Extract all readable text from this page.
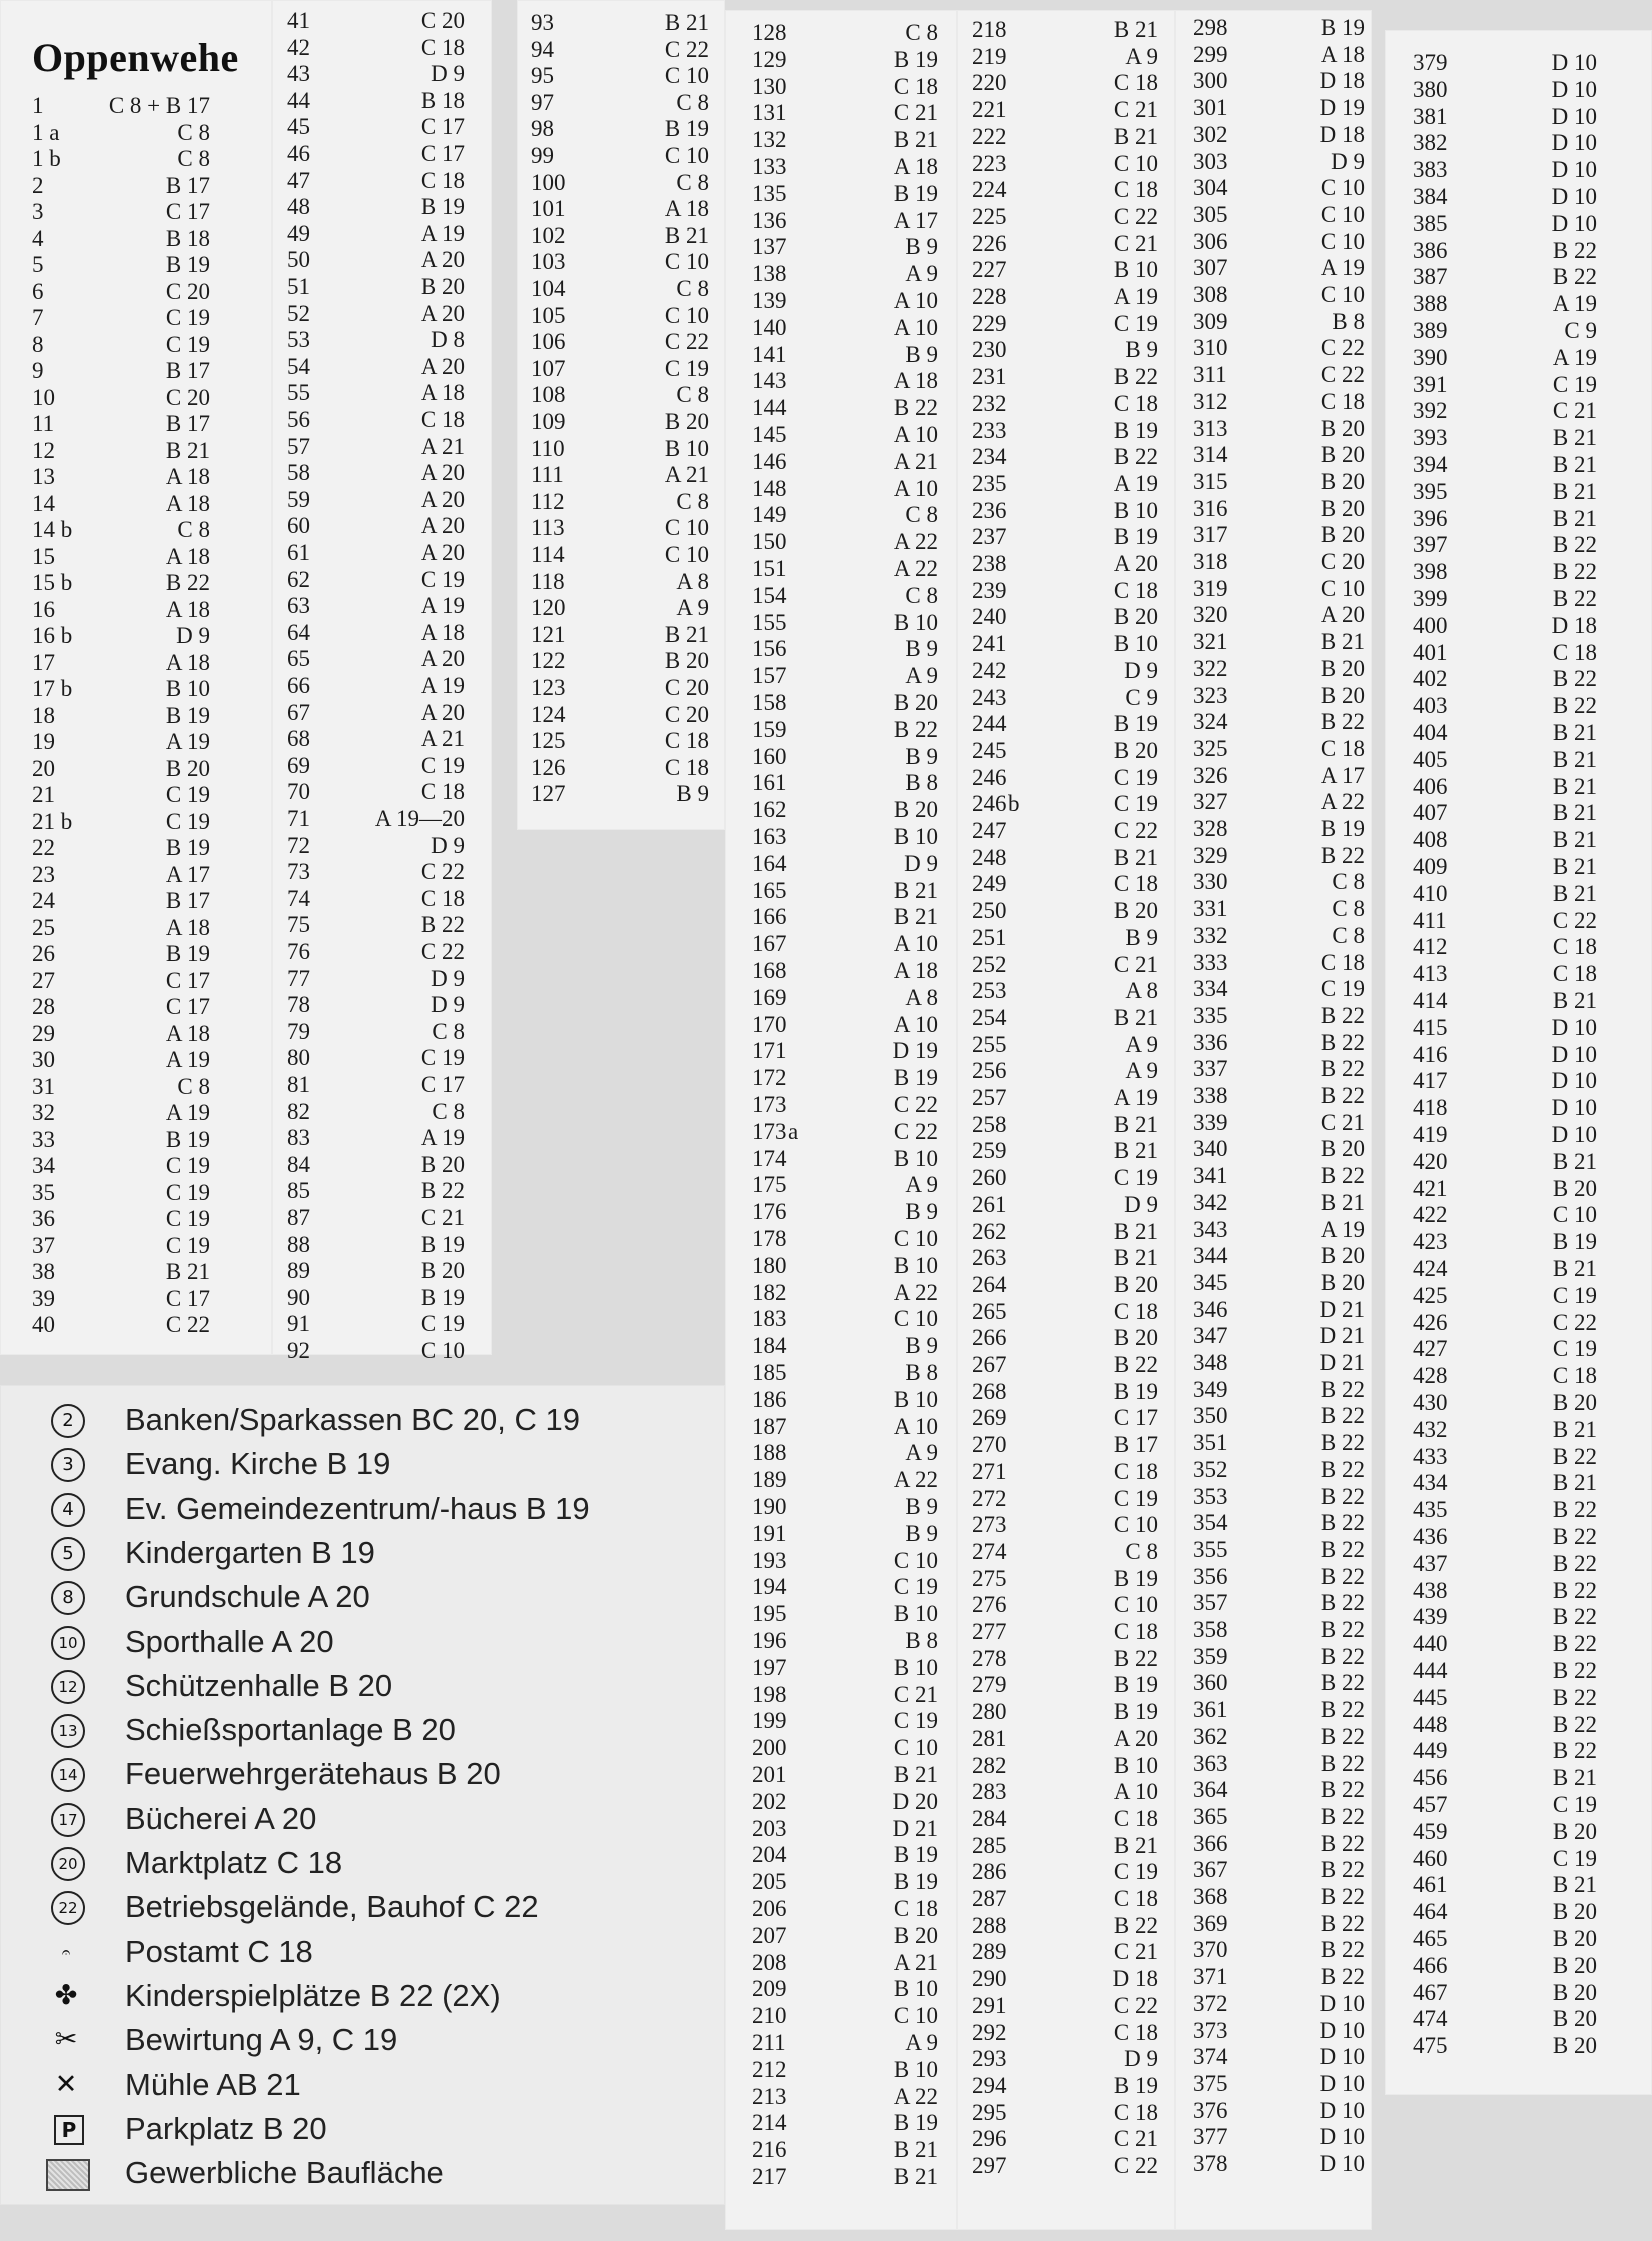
Oppenwehe
1	C 8 + B 17
1 a	C 8
1 b	C 8
2	B 17
3	C 17
4	B 18
5	B 19
6	C 20
7	C 19
8	C 19
9	B 17
10	C 20
11	B 17
12	B 21
13	A 18
14	A 18
14 b	C 8
15	A 18
15 b	B 22
16	A 18
16 b	D 9
17	A 18
17 b	B 10
18	B 19
19	A 19
20	B 20
21	C 19
21 b	C 19
22	B 19
23	A 17
24	B 17
25	A 18
26	B 19
27	C 17
28	C 17
29	A 18
30	A 19
31	C 8
32	A 19
33	B 19
34	C 19
35	C 19
36	C 19
37	C 19
38	B 21
39	C 17
40	C 22
41	C 20
42	C 18
43	D 9
44	B 18
45	C 17
46	C 17
47	C 18
48	B 19
49	A 19
50	A 20
51	B 20
52	A 20
53	D 8
54	A 20
55	A 18
56	C 18
57	A 21
58	A 20
59	A 20
60	A 20
61	A 20
62	C 19
63	A 19
64	A 18
65	A 20
66	A 19
67	A 20
68	A 21
69	C 19
70	C 18
71	A 19—20
72	D 9
73	C 22
74	C 18
75	B 22
76	C 22
77	D 9
78	D 9
79	C 8
80	C 19
81	C 17
82	C 8
83	A 19
84	B 20
85	B 22
87	C 21
88	B 19
89	B 20
90	B 19
91	C 19
92	C 10
93	B 21
94	C 22
95	C 10
97	C 8
98	B 19
99	C 10
100	C 8
101	A 18
102	B 21
103	C 10
104	C 8
105	C 10
106	C 22
107	C 19
108	C 8
109	B 20
110	B 10
111	A 21
112	C 8
113	C 10
114	C 10
118	A 8
120	A 9
121	B 21
122	B 20
123	C 20
124	C 20
125	C 18
126	C 18
127	B 9
128	C 8
129	B 19
130	C 18
131	C 21
132	B 21
133	A 18
135	B 19
136	A 17
137	B 9
138	A 9
139	A 10
140	A 10
141	B 9
143	A 18
144	B 22
145	A 10
146	A 21
148	A 10
149	C 8
150	A 22
151	A 22
154	C 8
155	B 10
156	B 9
157	A 9
158	B 20
159	B 22
160	B 9
161	B 8
162	B 20
163	B 10
164	D 9
165	B 21
166	B 21
167	A 10
168	A 18
169	A 8
170	A 10
171	D 19
172	B 19
173	C 22
173 a	C 22
174	B 10
175	A 9
176	B 9
178	C 10
180	B 10
182	A 22
183	C 10
184	B 9
185	B 8
186	B 10
187	A 10
188	A 9
189	A 22
190	B 9
191	B 9
193	C 10
194	C 19
195	B 10
196	B 8
197	B 10
198	C 21
199	C 19
200	C 10
201	B 21
202	D 20
203	D 21
204	B 19
205	B 19
206	C 18
207	B 20
208	A 21
209	B 10
210	C 10
211	A 9
212	B 10
213	A 22
214	B 19
216	B 21
217	B 21
218	B 21
219	A 9
220	C 18
221	C 21
222	B 21
223	C 10
224	C 18
225	C 22
226	C 21
227	B 10
228	A 19
229	C 19
230	B 9
231	B 22
232	C 18
233	B 19
234	B 22
235	A 19
236	B 10
237	B 19
238	A 20
239	C 18
240	B 20
241	B 10
242	D 9
243	C 9
244	B 19
245	B 20
246	C 19
246 b	C 19
247	C 22
248	B 21
249	C 18
250	B 20
251	B 9
252	C 21
253	A 8
254	B 21
255	A 9
256	A 9
257	A 19
258	B 21
259	B 21
260	C 19
261	D 9
262	B 21
263	B 21
264	B 20
265	C 18
266	B 20
267	B 22
268	B 19
269	C 17
270	B 17
271	C 18
272	C 19
273	C 10
274	C 8
275	B 19
276	C 10
277	C 18
278	B 22
279	B 19
280	B 19
281	A 20
282	B 10
283	A 10
284	C 18
285	B 21
286	C 19
287	C 18
288	B 22
289	C 21
290	D 18
291	C 22
292	C 18
293	D 9
294	B 19
295	C 18
296	C 21
297	C 22
298	B 19
299	A 18
300	D 18
301	D 19
302	D 18
303	D 9
304	C 10
305	C 10
306	C 10
307	A 19
308	C 10
309	B 8
310	C 22
311	C 22
312	C 18
313	B 20
314	B 20
315	B 20
316	B 20
317	B 20
318	C 20
319	C 10
320	A 20
321	B 21
322	B 20
323	B 20
324	B 22
325	C 18
326	A 17
327	A 22
328	B 19
329	B 22
330	C 8
331	C 8
332	C 8
333	C 18
334	C 19
335	B 22
336	B 22
337	B 22
338	B 22
339	C 21
340	B 20
341	B 22
342	B 21
343	A 19
344	B 20
345	B 20
346	D 21
347	D 21
348	D 21
349	B 22
350	B 22
351	B 22
352	B 22
353	B 22
354	B 22
355	B 22
356	B 22
357	B 22
358	B 22
359	B 22
360	B 22
361	B 22
362	B 22
363	B 22
364	B 22
365	B 22
366	B 22
367	B 22
368	B 22
369	B 22
370	B 22
371	B 22
372	D 10
373	D 10
374	D 10
375	D 10
376	D 10
377	D 10
378	D 10
379	D 10
380	D 10
381	D 10
382	D 10
383	D 10
384	D 10
385	D 10
386	B 22
387	B 22
388	A 19
389	C 9
390	A 19
391	C 19
392	C 21
393	B 21
394	B 21
395	B 21
396	B 21
397	B 22
398	B 22
399	B 22
400	D 18
401	C 18
402	B 22
403	B 22
404	B 21
405	B 21
406	B 21
407	B 21
408	B 21
409	B 21
410	B 21
411	C 22
412	C 18
413	C 18
414	B 21
415	D 10
416	D 10
417	D 10
418	D 10
419	D 10
420	B 21
421	B 20
422	C 10
423	B 19
424	B 21
425	C 19
426	C 22
427	C 19
428	C 18
430	B 20
432	B 21
433	B 22
434	B 21
435	B 22
436	B 22
437	B 22
438	B 22
439	B 22
440	B 22
444	B 22
445	B 22
448	B 22
449	B 22
456	B 21
457	C 19
459	B 20
460	C 19
461	B 21
464	B 20
465	B 20
466	B 20
467	B 20
474	B 20
475	B 20
2	Banken/Sparkassen BC 20, C 19
3	Evang. Kirche B 19
4	Ev. Gemeindezentrum/-haus B 19
5	Kindergarten B 19
8	Grundschule A 20
10 Sporthalle A 20
12 Schützenhalle B 20
13 Schießsportanlage B 20
14 Feuerwehrgerätehaus B 20
17 Bücherei A 20
20 Marktplatz C 18
22 Betriebsgelände, Bauhof C 22
𝄐	Postamt C 18
✤ Kinderspielplätze B 22 (2X)
✂ Bewirtung A 9, C 19
✕ Mühle AB 21
P Parkplatz B 20
Gewerbliche Baufläche
